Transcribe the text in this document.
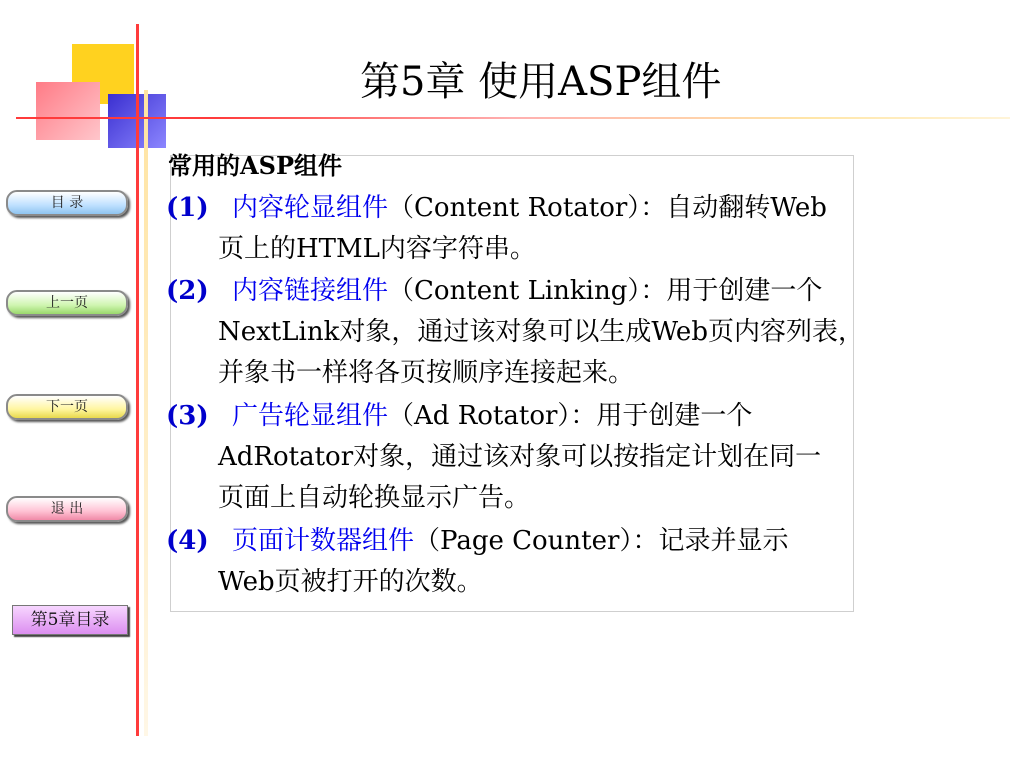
第5章 使用ASP组件
目 录
上一页
下一页
退 出
第5章目录
常用的ASP组件
(1) 内容轮显组件（Content Rotator）：自动翻转Web
页上的HTML内容字符串。
(2) 内容链接组件（Content Linking）：用于创建一个
NextLink对象，通过该对象可以生成Web页内容列表，
并象书一样将各页按顺序连接起来。
(3) 广告轮显组件（Ad Rotator）：用于创建一个
AdRotator对象，通过该对象可以按指定计划在同一
页面上自动轮换显示广告。
(4) 页面计数器组件（Page Counter）：记录并显示
Web页被打开的次数。
